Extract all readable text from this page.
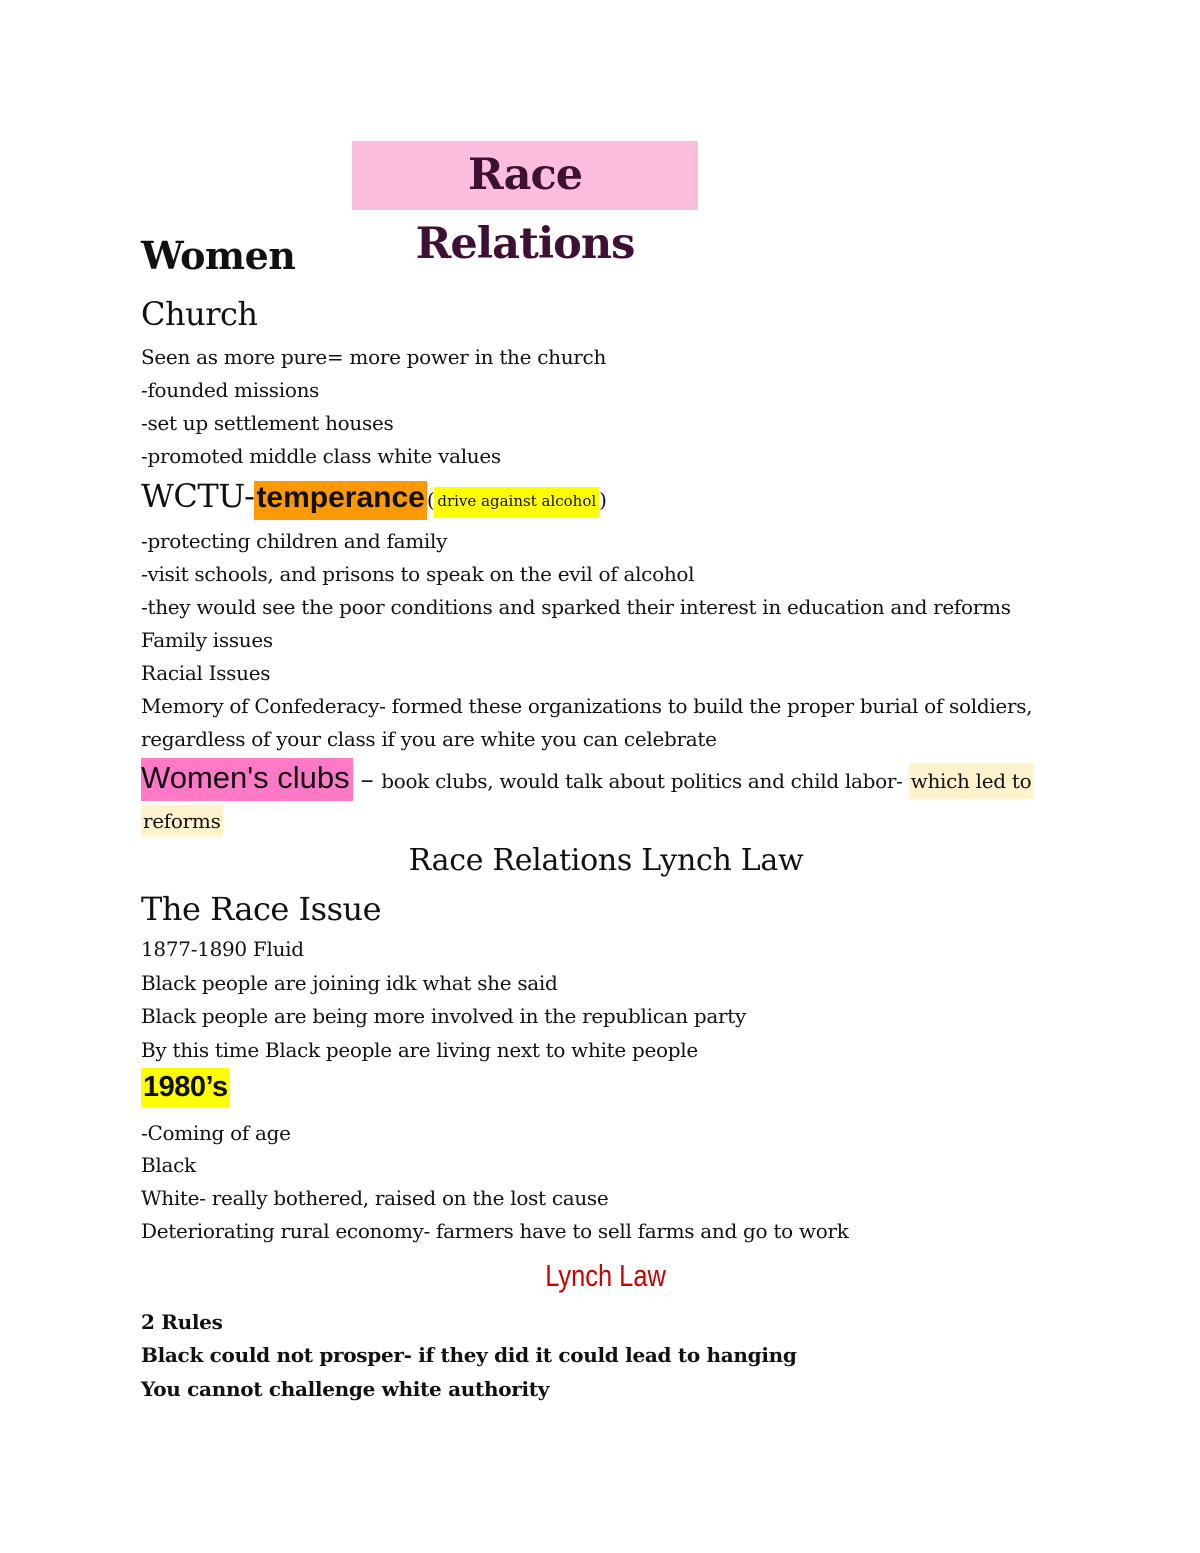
Race Relations
Women
Church
Seen as more pure= more power in the church
-founded missions
-set up settlement houses
-promoted middle class white values
WCTU-temperance ( drive against alcohol )
-protecting children and family
-visit schools, and prisons to speak on the evil of alcohol
-they would see the poor conditions and sparked their interest in education and reforms
Family issues
Racial Issues
Memory of Confederacy- formed these organizations to build the proper burial of soldiers,
regardless of your class if you are white you can celebrate
Women's clubs – book clubs, would talk about politics and child labor- which led to
reforms
Race Relations Lynch Law
The Race Issue
1877-1890 Fluid
Black people are joining idk what she said
Black people are being more involved in the republican party
By this time Black people are living next to white people
1980’s
-Coming of age
Black
White- really bothered, raised on the lost cause
Deteriorating rural economy- farmers have to sell farms and go to work
Lynch Law
2 Rules
Black could not prosper- if they did it could lead to hanging
You cannot challenge white authority
